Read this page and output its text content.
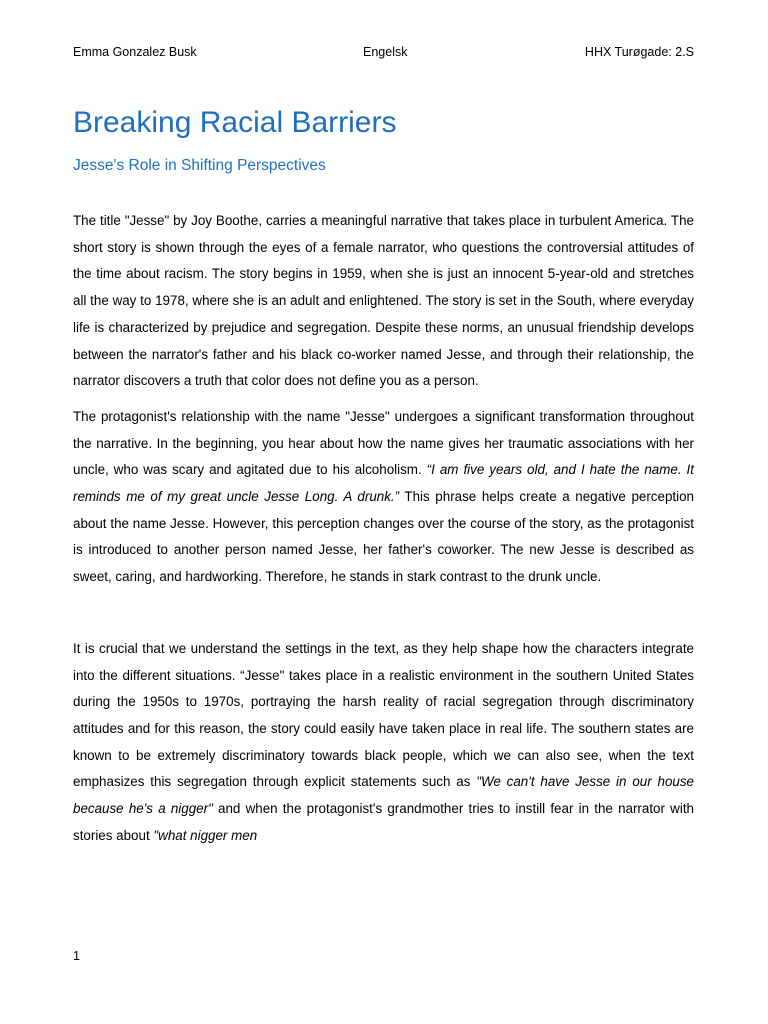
Emma Gonzalez Busk	Engelsk	HHX Turøgade: 2.S
Breaking Racial Barriers
Jesse's Role in Shifting Perspectives

The title "Jesse" by Joy Boothe, carries a meaningful narrative that takes place in turbulent America. The short story is shown through the eyes of a female narrator, who questions the controversial attitudes of the time about racism. The story begins in 1959, when she is just an innocent 5-year-old and stretches all the way to 1978, where she is an adult and enlightened. The story is set in the South, where everyday life is characterized by prejudice and segregation. Despite these norms, an unusual friendship develops between the narrator's father and his black co-worker named Jesse, and through their relationship, the narrator discovers a truth that color does not define you as a person.

The protagonist's relationship with the name "Jesse" undergoes a significant transformation throughout the narrative. In the beginning, you hear about how the name gives her traumatic associations with her uncle, who was scary and agitated due to his alcoholism. “I am five years old, and I hate the name. It reminds me of my great uncle Jesse Long. A drunk.” This phrase helps create a negative perception about the name Jesse. However, this perception changes over the course of the story, as the protagonist is introduced to another person named Jesse, her father's coworker. The new Jesse is described as sweet, caring, and hardworking. Therefore, he stands in stark contrast to the drunk uncle.

It is crucial that we understand the settings in the text, as they help shape how the characters integrate into the different situations. “Jesse" takes place in a realistic environment in the southern United States during the 1950s to 1970s, portraying the harsh reality of racial segregation through discriminatory attitudes and for this reason, the story could easily have taken place in real life. The southern states are known to be extremely discriminatory towards black people, which we can also see, when the text emphasizes this segregation through explicit statements such as "We can't have Jesse in our house because he's a nigger" and when the protagonist's grandmother tries to instill fear in the narrator with stories about "what nigger men

1
